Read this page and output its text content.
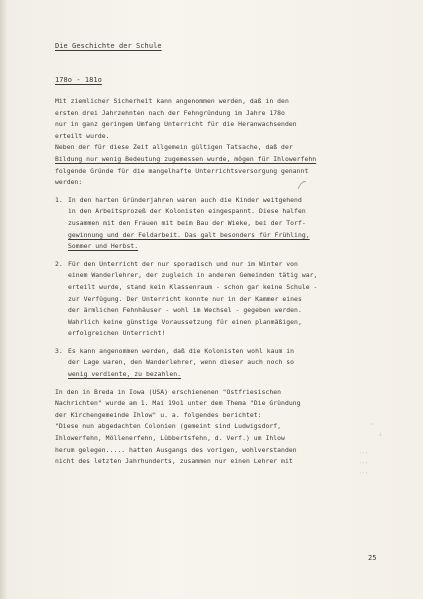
Die Geschichte der Schule
178o - 181o

Mit ziemlicher Sicherheit kann angenommen werden, daß in den

ersten drei Jahrzehnten nach der Fehngründung im Jahre 178o

nur in ganz geringem Umfang Unterricht für die Heranwachsenden

erteilt wurde.

Neben der für diese Zeit allgemein gültigen Tatsache, daß der

Bildung nur wenig Bedeutung zugemessen wurde, mögen für Ihlowerfehn

folgende Gründe für die mangelhafte Unterrichtsversorgung genannt

werden:

1. In den harten Gründerjahren waren auch die Kinder weitgehend

in den Arbeitsprozeß der Kolonisten eingespannt. Diese halfen

zusammen mit den Frauen mit beim Bau der Wieke, bei der Torf-

gewinnung und der Feldarbeit. Das galt besonders für Frühling,

Sommer und Herbst.

2. Für den Unterricht der nur sporadisch und nur im Winter von

einem Wanderlehrer, der zugleich in anderen Gemeinden tätig war,

erteilt wurde, stand kein Klassenraum - schon gar keine Schule -

zur Verfügung. Der Unterricht konnte nur in der Kammer eines

der ärmlichen Fehnhäuser - wohl im Wechsel - gegeben werden.

Wahrlich keine günstige Voraussetzung für einen planmäßigen,

erfolgreichen Unterricht!

3. Es kann angenommen werden, daß die Kolonisten wohl kaum in

der Lage waren, den Wanderlehrer, wenn dieser auch noch so

wenig verdiente, zu bezahlen.

In den in Breda in Iowa (USA) erschienenen "Ostfriesischen

Nachrichten" wurde am 1. Mai 19o1 unter dem Thema "Die Gründung

der Kirchengemeinde Ihlow" u. a. folgendes berichtet:

"Diese nun abgedachten Colonien (gemeint sind Ludwigsdorf,

Ihlowerfehn, Möllenerfehn, Lübbertsfehn, d. Verf.) um Ihlow

herum gelegen..... hatten Ausgangs des vorigen, wohlverstanden

nicht des letzten Jahrhunderts, zusammen nur einen Lehrer mit

~
↓

' ' '
' ' '
' ' '
25
